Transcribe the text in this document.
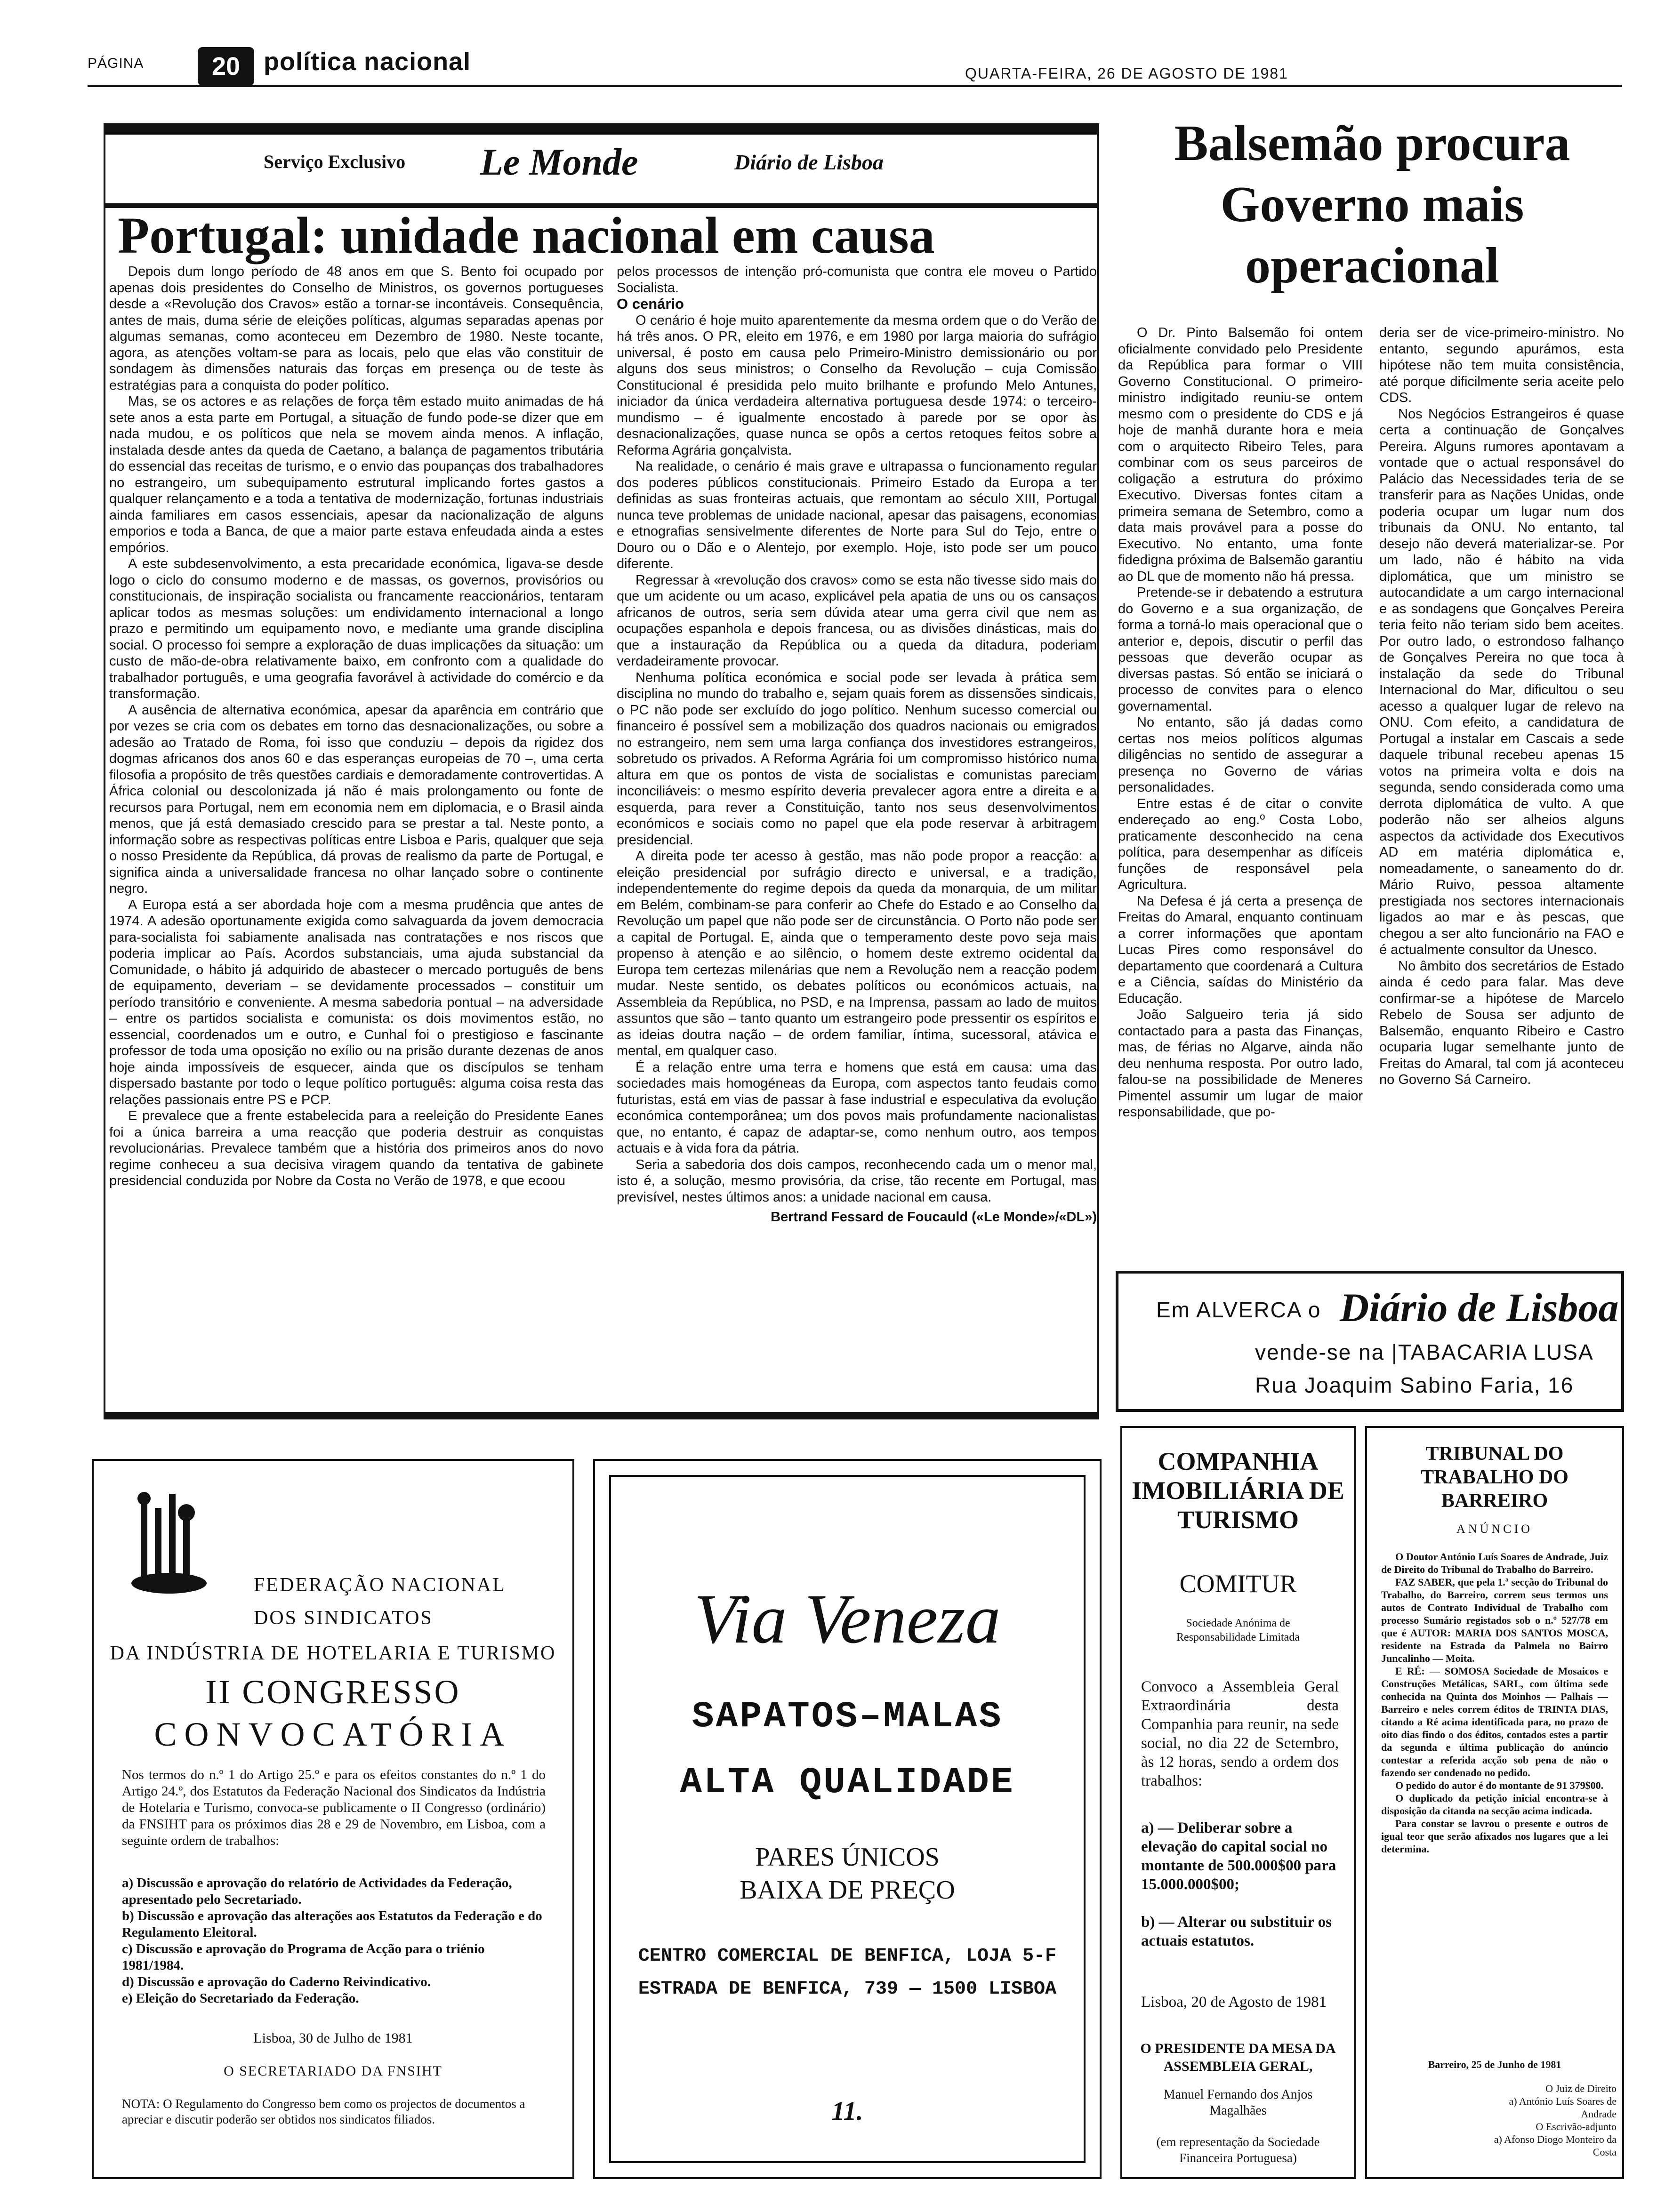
PÁGINA	20 política nacional	QUARTA-FEIRA, 26 DE AGOSTO DE 1981
Serviço Exclusivo Le Monde	Diário de Lisboa
Portugal: unidade nacional em causa

Depois dum longo período de 48 anos em que S. Bento foi ocupado por apenas dois presidentes do Conselho de Ministros, os governos portugueses desde a «Revolução dos Cravos» estão a tornar-se incontáveis. Consequência, antes de mais, duma série de eleições políticas, algumas separadas apenas por algumas semanas, como aconteceu em Dezembro de 1980. Neste tocante, agora, as atenções voltam-se para as locais, pelo que elas vão constituir de sondagem às dimensões naturais das forças em presença ou de teste às estratégias para a conquista do poder político.

Mas, se os actores e as relações de força têm estado muito animadas de há sete anos a esta parte em Portugal, a situação de fundo pode-se dizer que em nada mudou, e os políticos que nela se movem ainda menos. A inflação, instalada desde antes da queda de Caetano, a balança de pagamentos tributária do essencial das receitas de turismo, e o envio das poupanças dos trabalhadores no estrangeiro, um subequipamento estrutural implicando fortes gastos a qualquer relançamento e a toda a tentativa de modernização, fortunas industriais ainda familiares em casos essenciais, apesar da nacionalização de alguns emporios e toda a Banca, de que a maior parte estava enfeudada ainda a estes empórios.

A este subdesenvolvimento, a esta precaridade económica, ligava-se desde logo o ciclo do consumo moderno e de massas, os governos, provisórios ou constitucionais, de inspiração socialista ou francamente reaccionários, tentaram aplicar todos as mesmas soluções: um endividamento internacional a longo prazo e permitindo um equipamento novo, e mediante uma grande disciplina social. O processo foi sempre a exploração de duas implicações da situação: um custo de mão-de-obra relativamente baixo, em confronto com a qualidade do trabalhador português, e uma geografia favorável à actividade do comércio e da transformação.

A ausência de alternativa económica, apesar da aparência em contrário que por vezes se cria com os debates em torno das desnacionalizações, ou sobre a adesão ao Tratado de Roma, foi isso que conduziu – depois da rigidez dos dogmas africanos dos anos 60 e das esperanças europeias de 70 –, uma certa filosofia a propósito de três questões cardiais e demoradamente controvertidas. A África colonial ou descolonizada já não é mais prolongamento ou fonte de recursos para Portugal, nem em economia nem em diplomacia, e o Brasil ainda menos, que já está demasiado crescido para se prestar a tal. Neste ponto, a informação sobre as respectivas políticas entre Lisboa e Paris, qualquer que seja o nosso Presidente da República, dá provas de realismo da parte de Portugal, e significa ainda a universalidade francesa no olhar lançado sobre o continente negro.

A Europa está a ser abordada hoje com a mesma prudência que antes de 1974. A adesão oportunamente exigida como salvaguarda da jovem democracia para-socialista foi sabiamente analisada nas contratações e nos riscos que poderia implicar ao País. Acordos substanciais, uma ajuda substancial da Comunidade, o hábito já adquirido de abastecer o mercado português de bens de equipamento, deveriam – se devidamente processados – constituir um período transitório e conveniente. A mesma sabedoria pontual – na adversidade – entre os partidos socialista e comunista: os dois movimentos estão, no essencial, coordenados um e outro, e Cunhal foi o prestigioso e fascinante professor de toda uma oposição no exílio ou na prisão durante dezenas de anos hoje ainda impossíveis de esquecer, ainda que os discípulos se tenham dispersado bastante por todo o leque político português: alguma coisa resta das relações passionais entre PS e PCP.

E prevalece que a frente estabelecida para a reeleição do Presidente Eanes foi a única barreira a uma reacção que poderia destruir as conquistas revolucionárias. Prevalece também que a história dos primeiros anos do novo regime conheceu a sua decisiva viragem quando da tentativa de gabinete presidencial conduzida por Nobre da Costa no Verão de 1978, e que ecoou

pelos processos de intenção pró-comunista que contra ele moveu o Partido Socialista.

O cenário

O cenário é hoje muito aparentemente da mesma ordem que o do Verão de há três anos. O PR, eleito em 1976, e em 1980 por larga maioria do sufrágio universal, é posto em causa pelo Primeiro-Ministro demissionário ou por alguns dos seus ministros; o Conselho da Revolução – cuja Comissão Constitucional é presidida pelo muito brilhante e profundo Melo Antunes, iniciador da única verdadeira alternativa portuguesa desde 1974: o terceiro-mundismo – é igualmente encostado à parede por se opor às desnacionalizações, quase nunca se opôs a certos retoques feitos sobre a Reforma Agrária gonçalvista.

Na realidade, o cenário é mais grave e ultrapassa o funcionamento regular dos poderes públicos constitucionais. Primeiro Estado da Europa a ter definidas as suas fronteiras actuais, que remontam ao século XIII, Portugal nunca teve problemas de unidade nacional, apesar das paisagens, economias e etnografias sensivelmente diferentes de Norte para Sul do Tejo, entre o Douro ou o Dão e o Alentejo, por exemplo. Hoje, isto pode ser um pouco diferente.

Regressar à «revolução dos cravos» como se esta não tivesse sido mais do que um acidente ou um acaso, explicável pela apatia de uns ou os cansaços africanos de outros, seria sem dúvida atear uma gerra civil que nem as ocupações espanhola e depois francesa, ou as divisões dinásticas, mais do que a instauração da República ou a queda da ditadura, poderiam verdadeiramente provocar.

Nenhuma política económica e social pode ser levada à prática sem disciplina no mundo do trabalho e, sejam quais forem as dissensões sindicais, o PC não pode ser excluído do jogo político. Nenhum sucesso comercial ou financeiro é possível sem a mobilização dos quadros nacionais ou emigrados no estrangeiro, nem sem uma larga confiança dos investidores estrangeiros, sobretudo os privados. A Reforma Agrária foi um compromisso histórico numa altura em que os pontos de vista de socialistas e comunistas pareciam inconciliáveis: o mesmo espírito deveria prevalecer agora entre a direita e a esquerda, para rever a Constituição, tanto nos seus desenvolvimentos económicos e sociais como no papel que ela pode reservar à arbitragem presidencial.

A direita pode ter acesso à gestão, mas não pode propor a reacção: a eleição presidencial por sufrágio directo e universal, e a tradição, independentemente do regime depois da queda da monarquia, de um militar em Belém, combinam-se para conferir ao Chefe do Estado e ao Conselho da Revolução um papel que não pode ser de circunstância. O Porto não pode ser a capital de Portugal. E, ainda que o temperamento deste povo seja mais propenso à atenção e ao silêncio, o homem deste extremo ocidental da Europa tem certezas milenárias que nem a Revolução nem a reacção podem mudar. Neste sentido, os debates políticos ou económicos actuais, na Assembleia da República, no PSD, e na Imprensa, passam ao lado de muitos assuntos que são – tanto quanto um estrangeiro pode pressentir os espíritos e as ideias doutra nação – de ordem familiar, íntima, sucessoral, atávica e mental, em qualquer caso.

É a relação entre uma terra e homens que está em causa: uma das sociedades mais homogéneas da Europa, com aspectos tanto feudais como futuristas, está em vias de passar à fase industrial e especulativa da evolução económica contemporânea; um dos povos mais profundamente nacionalistas que, no entanto, é capaz de adaptar-se, como nenhum outro, aos tempos actuais e à vida fora da pátria.

Seria a sabedoria dos dois campos, reconhecendo cada um o menor mal, isto é, a solução, mesmo provisória, da crise, tão recente em Portugal, mas previsível, nestes últimos anos: a unidade nacional em causa.

Bertrand Fessard de Foucauld («Le Monde»/«DL»)

Balsemão procura Governo mais operacional

O Dr. Pinto Balsemão foi ontem oficialmente convidado pelo Presidente da República para formar o VIII Governo Constitucional. O primeiro-ministro indigitado reuniu-se ontem mesmo com o presidente do CDS e já hoje de manhã durante hora e meia com o arquitecto Ribeiro Teles, para combinar com os seus parceiros de coligação a estrutura do próximo Executivo. Diversas fontes citam a primeira semana de Setembro, como a data mais provável para a posse do Executivo. No entanto, uma fonte fidedigna próxima de Balsemão garantiu ao DL que de momento não há pressa.

Pretende-se ir debatendo a estrutura do Governo e a sua organização, de forma a torná-lo mais operacional que o anterior e, depois, discutir o perfil das pessoas que deverão ocupar as diversas pastas. Só então se iniciará o processo de convites para o elenco governamental.

No entanto, são já dadas como certas nos meios políticos algumas diligências no sentido de assegurar a presença no Governo de várias personalidades.

Entre estas é de citar o convite endereçado ao eng.º Costa Lobo, praticamente desconhecido na cena política, para desempenhar as difíceis funções de responsável pela Agricultura.

Na Defesa é já certa a presença de Freitas do Amaral, enquanto continuam a correr informações que apontam Lucas Pires como responsável do departamento que coordenará a Cultura e a Ciência, saídas do Ministério da Educação.

João Salgueiro teria já sido contactado para a pasta das Finanças, mas, de férias no Algarve, ainda não deu nenhuma resposta. Por outro lado, falou-se na possibilidade de Meneres Pimentel assumir um lugar de maior responsabilidade, que po-

deria ser de vice-primeiro-ministro. No entanto, segundo apurámos, esta hipótese não tem muita consistência, até porque dificilmente seria aceite pelo CDS.

Nos Negócios Estrangeiros é quase certa a continuação de Gonçalves Pereira. Alguns rumores apontavam a vontade que o actual responsável do Palácio das Necessidades teria de se transferir para as Nações Unidas, onde poderia ocupar um lugar num dos tribunais da ONU. No entanto, tal desejo não deverá materializar-se. Por um lado, não é hábito na vida diplomática, que um ministro se autocandidate a um cargo internacional e as sondagens que Gonçalves Pereira teria feito não teriam sido bem aceites. Por outro lado, o estrondoso falhanço de Gonçalves Pereira no que toca à instalação da sede do Tribunal Internacional do Mar, dificultou o seu acesso a qualquer lugar de relevo na ONU. Com efeito, a candidatura de Portugal a instalar em Cascais a sede daquele tribunal recebeu apenas 15 votos na primeira volta e dois na segunda, sendo considerada como uma derrota diplomática de vulto. A que poderão não ser alheios alguns aspectos da actividade dos Executivos AD em matéria diplomática e, nomeadamente, o saneamento do dr. Mário Ruivo, pessoa altamente prestigiada nos sectores internacionais ligados ao mar e às pescas, que chegou a ser alto funcionário na FAO e é actualmente consultor da Unesco.

No âmbito dos secretários de Estado ainda é cedo para falar. Mas deve confirmar-se a hipótese de Marcelo Rebelo de Sousa ser adjunto de Balsemão, enquanto Ribeiro e Castro ocuparia lugar semelhante junto de Freitas do Amaral, tal com já aconteceu no Governo Sá Carneiro.

Em ALVERCA o Diário de Lisboa
vende-se na |TABACARIA LUSA
Rua Joaquim Sabino Faria, 16
FEDERAÇÃO NACIONAL
DOS SINDICATOS
DA INDÚSTRIA DE HOTELARIA E TURISMO
II CONGRESSO
CONVOCATÓRIA
Nos termos do n.º 1 do Artigo 25.º e para os efeitos constantes do n.º 1 do Artigo 24.º, dos Estatutos da Federação Nacional dos Sindicatos da Indústria de Hotelaria e Turismo, convoca-se publicamente o II Congresso (ordinário) da FNSIHT para os próximos dias 28 e 29 de Novembro, em Lisboa, com a seguinte ordem de trabalhos:
a) Discussão e aprovação do relatório de Actividades da Federação, apresentado pelo Secretariado.
b) Discussão e aprovação das alterações aos Estatutos da Federação e do Regulamento Eleitoral.
c) Discussão e aprovação do Programa de Acção para o triénio 1981/1984.
d) Discussão e aprovação do Caderno Reivindicativo.
e) Eleição do Secretariado da Federação.
Lisboa, 30 de Julho de 1981
O SECRETARIADO DA FNSIHT
NOTA: O Regulamento do Congresso bem como os projectos de documentos a apreciar e discutir poderão ser obtidos nos sindicatos filiados.
Via Veneza
SAPATOS–MALAS
ALTA QUALIDADE
PARES ÚNICOS
BAIXA DE PREÇO
CENTRO COMERCIAL DE BENFICA, LOJA 5-F
ESTRADA DE BENFICA, 739 — 1500 LISBOA
11.
COMPANHIA IMOBILIÁRIA DE TURISMO
COMITUR
Sociedade Anónima de Responsabilidade Limitada
Convoco a Assembleia Geral Extraordinária desta Companhia para reunir, na sede social, no dia 22 de Setembro, às 12 horas, sendo a ordem dos trabalhos:
a) — Deliberar sobre a elevação do capital social no montante de 500.000$00 para 15.000.000$00;
b) — Alterar ou substituir os actuais estatutos.
Lisboa, 20 de Agosto de 1981
O PRESIDENTE DA MESA DA ASSEMBLEIA GERAL,
Manuel Fernando dos Anjos Magalhães
(em representação da Sociedade Financeira Portuguesa)
TRIBUNAL DO TRABALHO DO BARREIRO
ANÚNCIO
O Doutor António Luís Soares de Andrade, Juiz de Direito do Tribunal do Trabalho do Barreiro.
FAZ SABER, que pela 1.ª secção do Tribunal do Trabalho, do Barreiro, correm seus termos uns autos de Contrato Individual de Trabalho com processo Sumário registados sob o n.º 527/78 em que é AUTOR: MARIA DOS SANTOS MOSCA, residente na Estrada da Palmela no Bairro Juncalinho — Moita.
E RÉ: — SOMOSA Sociedade de Mosaicos e Construções Metálicas, SARL, com última sede conhecida na Quinta dos Moinhos — Palhais — Barreiro e neles correm éditos de TRINTA DIAS, citando a Ré acima identificada para, no prazo de oito dias findo o dos éditos, contados estes a partir da segunda e última publicação do anúncio contestar a referida acção sob pena de não o fazendo ser condenado no pedido.
O pedido do autor é do montante de 91 379$00.
O duplicado da petição inicial encontra-se à disposição da citanda na secção acima indicada.
Para constar se lavrou o presente e outros de igual teor que serão afixados nos lugares que a lei determina.
Barreiro, 25 de Junho de 1981
O Juiz de Direito
a) António Luís Soares de Andrade
O Escrivão-adjunto
a) Afonso Diogo Monteiro da Costa
